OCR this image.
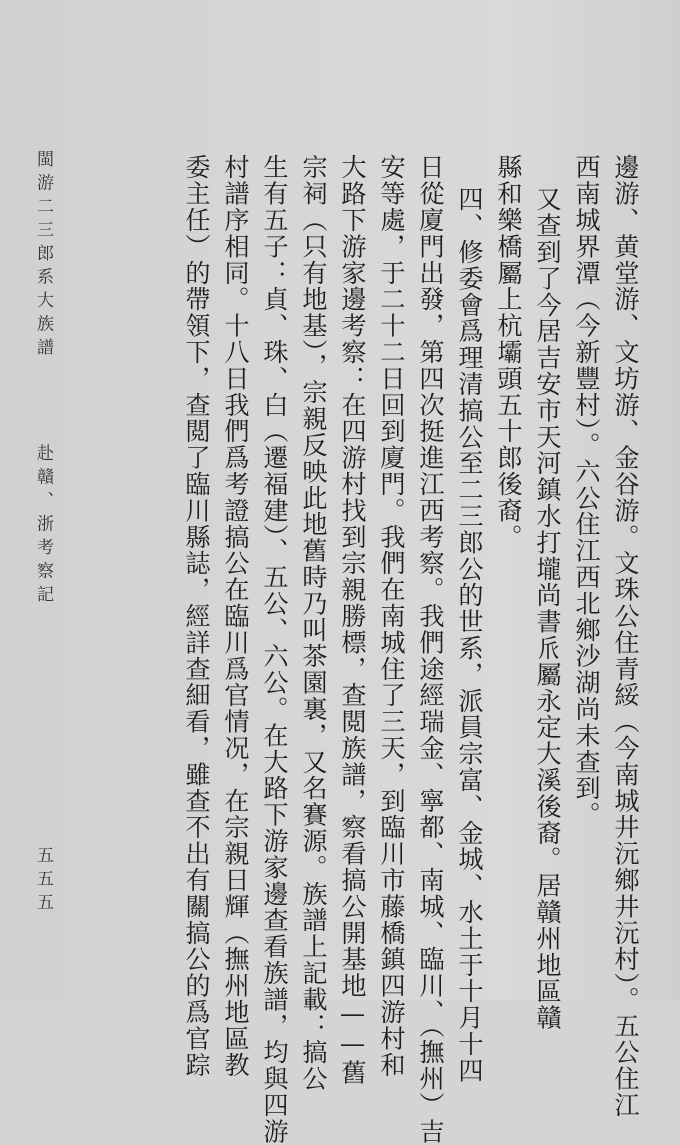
邊游、黄堂游、文坊游、金谷游。文珠公住青綏（今南城井沅鄉井沅村）。五公住江
西南城界潭（今新豐村）。六公住江西北鄉沙湖尚未查到。
又查到了今居吉安市天河鎮水打壠尚書𠂢屬永定大溪後裔。居贛州地區贛
縣和樂橋屬上杭壩頭五十郎後裔。
四、修委會爲理清搞公至二三郎公的世系，派員宗富、金城、水土于十月十四
日從廈門出發，第四次挺進江西考察。我們途經瑞金、寧都、南城、臨川、（撫州）吉
安等處，于二十二日回到廈門。我們在南城住了三天，到臨川市藤橋鎮四游村和
大路下游家邊考察：在四游村找到宗親勝標，查閲族譜，察看搞公開基地——舊
宗祠（只有地基），宗親反映此地舊時乃叫茶園裏，又名賽源。族譜上記載：搞公
生有五子：貞、珠、白（遷福建）、五公、六公。在大路下游家邊查看族譜，均與四游
村譜序相同。十八日我們爲考證搞公在臨川爲官情况，在宗親日輝（撫州地區教
委主任）的帶領下，查閲了臨川縣誌，經詳查細看，雖查不出有關搞公的爲官踪
閩游二三郎系大族譜
赴贛、浙考察記
五五五
